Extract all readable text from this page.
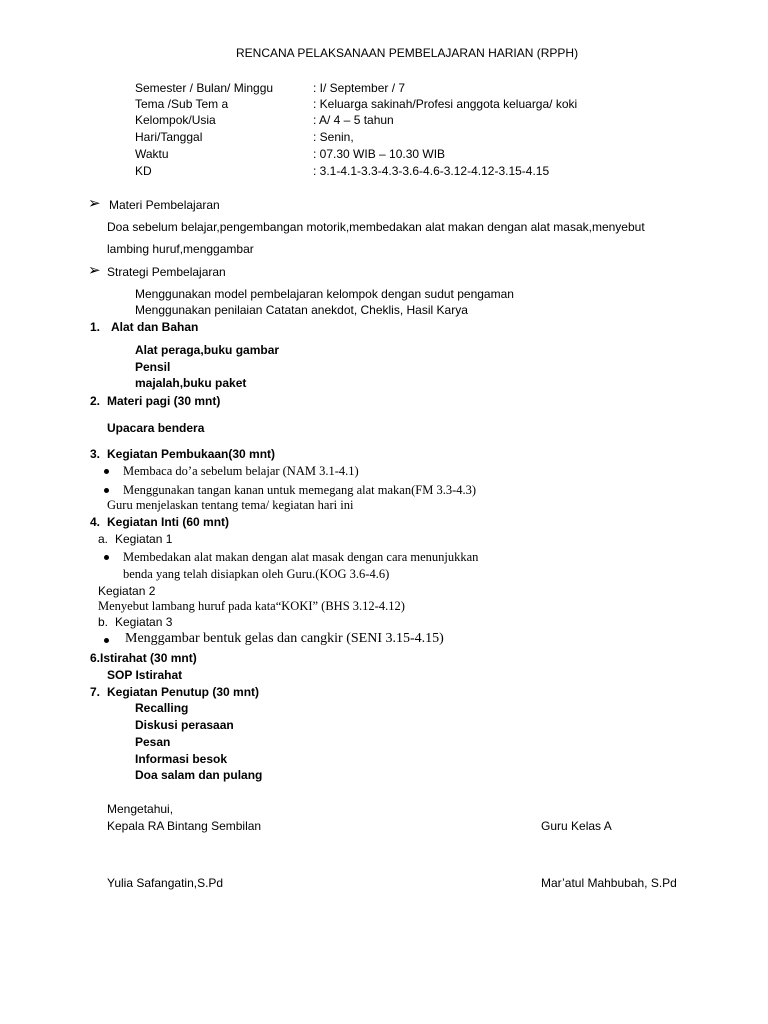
RENCANA PELAKSANAAN PEMBELAJARAN HARIAN (RPPH)
Semester / Bulan/ Minggu	: I/ September / 7
Tema /Sub Tem a	: Keluarga sakinah/Profesi anggota keluarga/ koki
Kelompok/Usia	: A/ 4 – 5 tahun
Hari/Tanggal	: Senin,
Waktu	: 07.30 WIB – 10.30 WIB
KD	: 3.1-4.1-3.3-4.3-3.6-4.6-3.12-4.12-3.15-4.15
➢ Materi Pembelajaran
Doa sebelum belajar,pengembangan motorik,membedakan alat makan dengan alat masak,menyebut
lambing huruf,menggambar
➢ Strategi Pembelajaran
Menggunakan model pembelajaran kelompok dengan sudut pengaman
Menggunakan penilaian Catatan anekdot, Cheklis, Hasil Karya
1. Alat dan Bahan
Alat peraga,buku gambar
Pensil
majalah,buku paket
2. Materi pagi (30 mnt)
Upacara bendera
3. Kegiatan Pembukaan(30 mnt)
Membaca do’a sebelum belajar (NAM 3.1-4.1)
Menggunakan tangan kanan untuk memegang alat makan(FM 3.3-4.3)
Guru menjelaskan tentang tema/ kegiatan hari ini
4. Kegiatan Inti (60 mnt)
a. Kegiatan 1
Membedakan alat makan dengan alat masak dengan cara menunjukkan
benda yang telah disiapkan oleh Guru.(KOG 3.6-4.6)
Kegiatan 2
Menyebut lambang huruf pada kata“KOKI” (BHS 3.12-4.12)
b. Kegiatan 3
Menggambar bentuk gelas dan cangkir (SENI 3.15-4.15)
6.Istirahat (30 mnt)
SOP Istirahat
7. Kegiatan Penutup (30 mnt)
Recalling
Diskusi perasaan
Pesan
Informasi besok
Doa salam dan pulang
Mengetahui,
Kepala RA Bintang Sembilan	Guru Kelas A
Yulia Safangatin,S.Pd	Mar’atul Mahbubah, S.Pd
